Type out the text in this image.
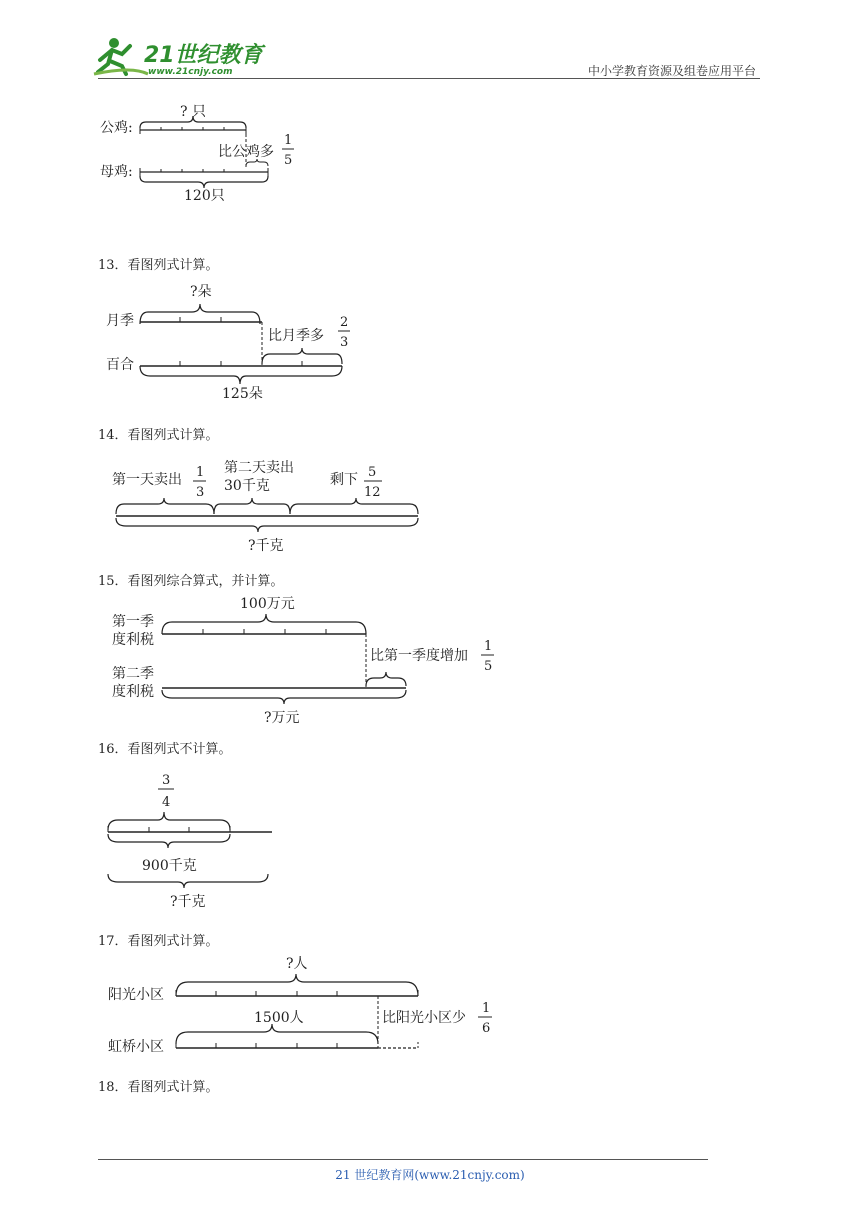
21世纪教育
www.21cnjy.com	中小学教育资源及组卷应用平台
? 只
公鸡:
比公鸡多
1
5
母鸡:
120只
13．看图列式计算。
?朵
月季
比月季多
2
3
百合
125朵
14．看图列式计算。
第一天卖出 1
3
第二天卖出
30千克	剩下 5
12
?千克
15．看图列综合算式，并计算。
100万元
第一季
度利税
比第一季度增加
1
5
第二季
度利税
?万元
16．看图列式不计算。
3
4
900千克
?千克
17．看图列式计算。
?人
阳光小区
1500人	比阳光小区少
1
6
虹桥小区
18．看图列式计算。
21 世纪教育网(www.21cnjy.com)
